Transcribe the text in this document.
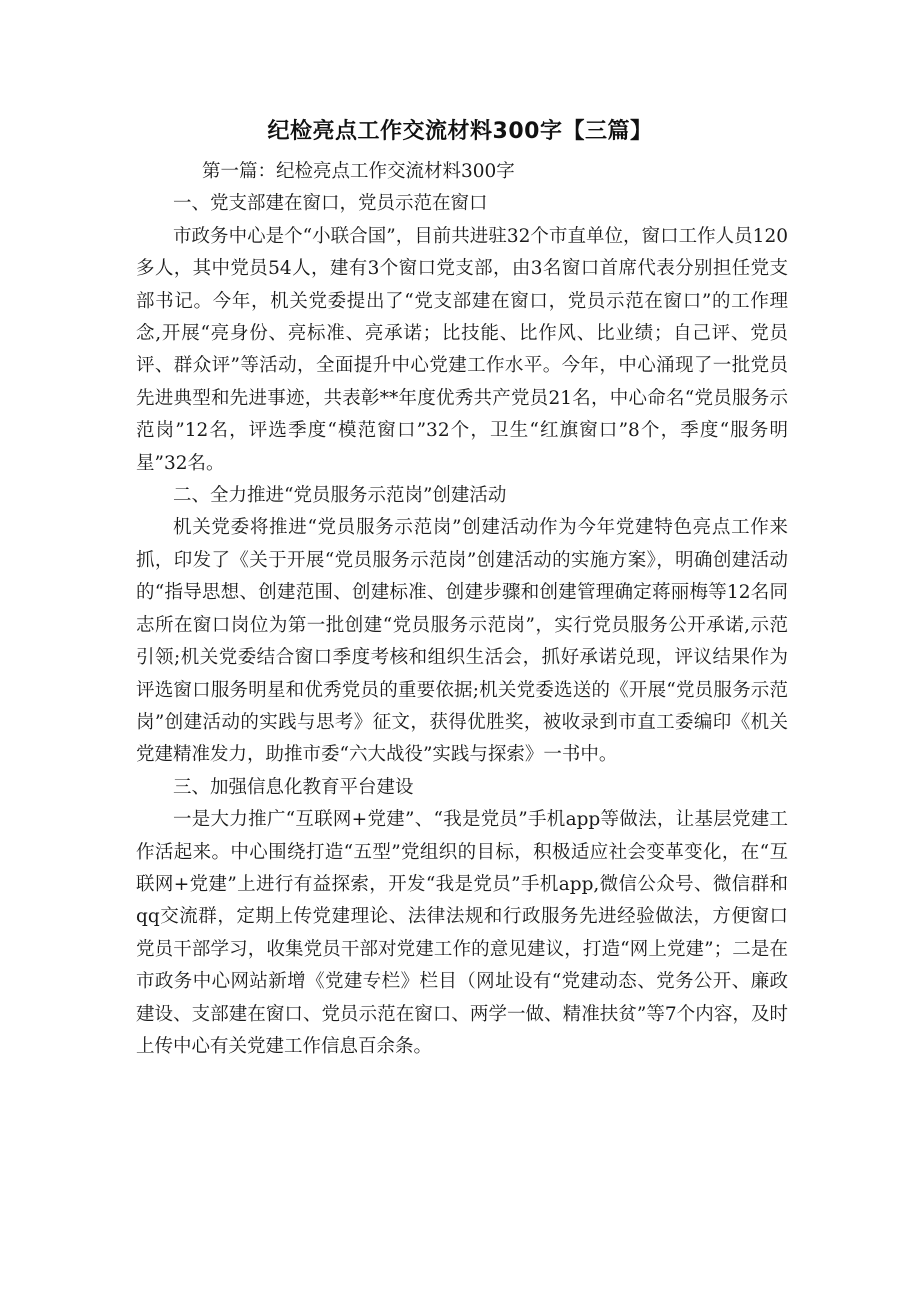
纪检亮点工作交流材料300字【三篇】

第一篇：纪检亮点工作交流材料300字

一、党支部建在窗口，党员示范在窗口

市政务中心是个“小联合国”，目前共进驻32个市直单位，窗口工作人员120多人，其中党员54人，建有3个窗口党支部，由3名窗口首席代表分别担任党支部书记。今年，机关党委提出了“党支部建在窗口，党员示范在窗口”的工作理念,开展“亮身份、亮标准、亮承诺；比技能、比作风、比业绩；自己评、党员评、群众评”等活动，全面提升中心党建工作水平。今年，中心涌现了一批党员先进典型和先进事迹，共表彰**年度优秀共产党员21名，中心命名“党员服务示范岗”12名，评选季度“模范窗口”32个，卫生“红旗窗口”8个，季度“服务明星”32名。

二、全力推进“党员服务示范岗”创建活动

机关党委将推进“党员服务示范岗”创建活动作为今年党建特色亮点工作来抓，印发了《关于开展“党员服务示范岗”创建活动的实施方案》，明确创建活动的“指导思想、创建范围、创建标准、创建步骤和创建管理确定蒋丽梅等12名同志所在窗口岗位为第一批创建“党员服务示范岗”，实行党员服务公开承诺,示范引领;机关党委结合窗口季度考核和组织生活会，抓好承诺兑现，评议结果作为评选窗口服务明星和优秀党员的重要依据;机关党委选送的《开展“党员服务示范岗”创建活动的实践与思考》征文，获得优胜奖，被收录到市直工委编印《机关党建精准发力，助推市委“六大战役”实践与探索》一书中。

三、加强信息化教育平台建设

一是大力推广“互联网+党建”、“我是党员”手机app等做法，让基层党建工作活起来。中心围绕打造“五型”党组织的目标，积极适应社会变革变化，在“互联网+党建”上进行有益探索，开发“我是党员”手机app,微信公众号、微信群和qq交流群，定期上传党建理论、法律法规和行政服务先进经验做法，方便窗口党员干部学习，收集党员干部对党建工作的意见建议，打造“网上党建”；二是在市政务中心网站新增《党建专栏》栏目（网址设有“党建动态、党务公开、廉政建设、支部建在窗口、党员示范在窗口、两学一做、精准扶贫”等7个内容，及时上传中心有关党建工作信息百余条。
